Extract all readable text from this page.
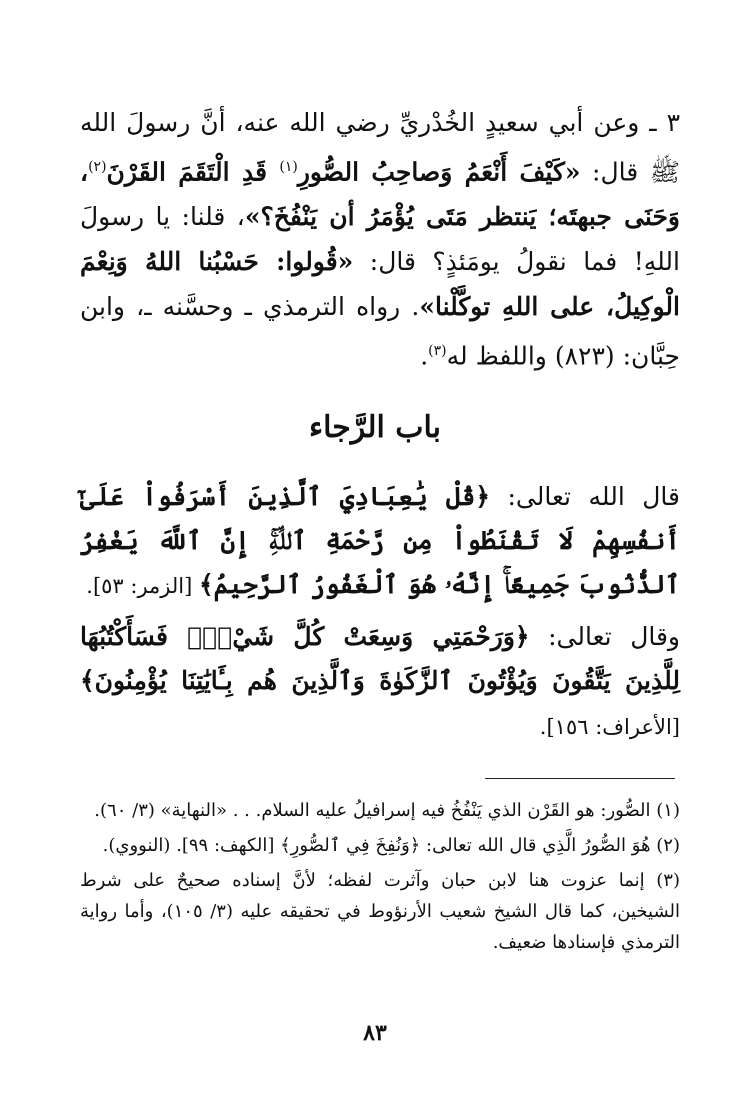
٣ ـ وعن أبي سعيدٍ الخُدْريِّ رضي الله عنه، أنَّ رسولَ الله ﷺ قال: «كَيْفَ أَنْعَمُ وَصاحِبُ الصُّورِ$^{(١)}$ قَدِ الْتَقَمَ القَرْنَ$^{(٢)}$، وَحَنَى جبهتَه؛ يَنتظر مَتَى يُؤْمَرُ أن يَنْفُخَ؟»، قلنا: يا رسولَ اللهِ! فما نقولُ يومَئذٍ؟ قال: «قُولوا: حَسْبُنا اللهُ وَنِعْمَ الْوكِيلُ، على اللهِ توكَّلْنا». رواه الترمذي ـ وحسَّنه ـ، وابن حِبَّان: (٨٢٣) واللفظ له$^{(٣)}$.
باب الرَّجاء
قال الله تعالى: ﴿قُلْ يَٰعِبَادِيَ ٱلَّذِينَ أَسْرَفُواْ عَلَىٰٓ أَنفُسِهِمْ لَا تَقْنَطُواْ مِن رَّحْمَةِ ٱللَّهِۚ إِنَّ ٱللَّهَ يَغْفِرُ ٱلذُّنُوبَ جَمِيعًاۚ إِنَّهُۥ هُوَ ٱلْغَفُورُ ٱلرَّحِيمُ﴾ [الزمر: ٥٣].
وقال تعالى: ﴿وَرَحْمَتِي وَسِعَتْ كُلَّ شَيْءٍۚ فَسَأَكْتُبُهَا لِلَّذِينَ يَتَّقُونَ وَيُؤْتُونَ ٱلزَّكَوٰةَ وَٱلَّذِينَ هُم بِـَٔايَٰتِنَا يُؤْمِنُونَ﴾ [الأعراف: ١٥٦].

(١) الصُّور: هو القَرْن الذي يَنْفُخُ فيه إسرافيلُ عليه السلام. . . «النهاية» (٣/ ٦٠).

(٢) هُوَ الصُّورُ الَّذِي قال الله تعالى: ﴿وَنُفِخَ فِي ٱلصُّورِ﴾ [الكهف: ٩٩]. (النووي).

(٣) إنما عزوت هنا لابن حبان وآثرت لفظه؛ لأنَّ إسناده صحيحٌ على شرط الشيخين، كما قال الشيخ شعيب الأرنؤوط في تحقيقه عليه (٣/ ١٠٥)، وأما رواية الترمذي فإسنادها ضعيف.

٨٣
